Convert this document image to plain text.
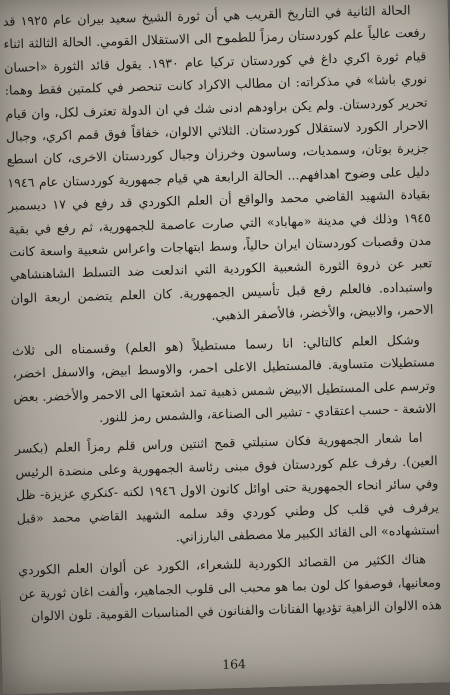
الحالة الثانية في التاريخ القريب هي أن ثورة الشيخ سعيد بيران عام ١٩٢٥ قد رفعت عالياً علم كوردستان رمزاً للطموح الى الاستقلال القومي. الحالة الثالثة اثناء قيام ثورة اكري داغ في كوردستان تركيا عام ١٩٣٠. يقول قائد الثورة «احسان نوري باشا» في مذكراته: ان مطالب الاكراد كانت تنحصر في كلمتين فقط وهما: تحرير كوردستان. ولم يكن براودهم ادنى شك في ان الدولة تعترف لكل، وان قيام الاحرار الكورد لاستقلال كوردستان. الثلاثي الالوان، خفاقاً فوق قمم اكري، وجبال جزيرة بوتان، وسمديات، وساسون وخرزان وجبال كوردستان الاخرى، كان اسطع دليل على وضوح اهدافهم... الحالة الرابعة هي قيام جمهورية كوردستان عام ١٩٤٦ بقيادة الشهيد القاضي محمد والواقع أن العلم الكوردي قد رفع في ١٧ ديسمبر ١٩٤٥ وذلك في مدينة «مهاباد» التي صارت عاصمة للجمهورية، ثم رفع في بقية مدن وقصبات كوردستان ايران حالياً، وسط ابتهاجات واعراس شعبية واسعة كانت تعبر عن ذروة الثورة الشعبية الكوردية التي اندلعت ضد التسلط الشاهنشاهي واستبداده. فالعلم رفع قبل تأسيس الجمهورية. كان العلم يتضمن اربعة الوان الاحمر، والابيض، والأخضر، فالأصفر الذهبي.

وشكل العلم كالتالي: انا رسما مستطيلاً (هو العلم) وقسمناه الى ثلاث مستطيلات متساوية. فالمستطيل الاعلى احمر، والاوسط ابيض، والاسفل اخضر، وترسم على المستطيل الابيض شمس ذهبية تمد اشعتها الى الاحمر والأخضر. بعض الاشعة - حسب اعتقادي - تشير الى الصناعة، والشمس رمز للنور.

اما شعار الجمهورية فكان سنبلتي قمح اثنتين وراس قلم رمزاً العلم (بكسر العين). رفرف علم كوردستان فوق مبنى رئاسة الجمهورية وعلى منضدة الرئيس وفي سائر انحاء الجمهورية حتى اوائل كانون الاول ١٩٤٦ لكنه -كنكري عزيزة- ظل يرفرف في قلب كل وطني كوردي وقد سلمه الشهيد القاضي محمد «قبل استشهاده» الى القائد الكبير ملا مصطفى البارزاني.

هناك الكثير من القصائد الكوردية للشعراء، الكورد عن ألوان العلم الكوردي ومعانيها، فوصفوا كل لون بما هو محبب الى قلوب الجماهير، وألفت اغان ثورية عن هذه الالوان الزاهية تؤديها الفنانات والفنانون في المناسبات القومية. تلون الالوان

164
